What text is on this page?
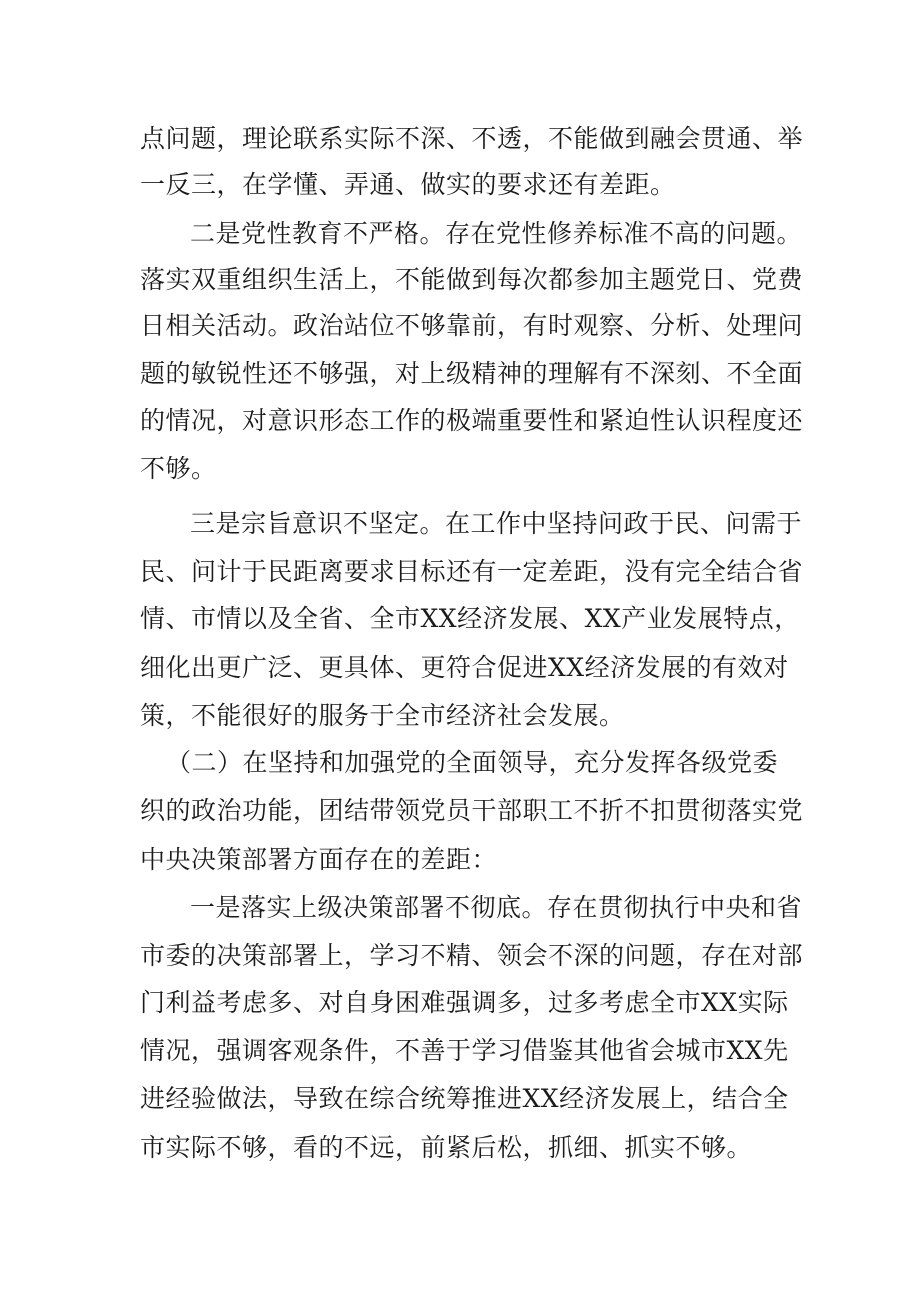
点问题，理论联系实际不深、不透，不能做到融会贯通、举
一反三，在学懂、弄通、做实的要求还有差距。
二是党性教育不严格。存在党性修养标准不高的问题。
落实双重组织生活上，不能做到每次都参加主题党日、党费
日相关活动。政治站位不够靠前，有时观察、分析、处理问
题的敏锐性还不够强，对上级精神的理解有不深刻、不全面
的情况，对意识形态工作的极端重要性和紧迫性认识程度还
不够。
三是宗旨意识不坚定。在工作中坚持问政于民、问需于
民、问计于民距离要求目标还有一定差距，没有完全结合省
情、市情以及全省、全市XX经济发展、XX产业发展特点，
细化出更广泛、更具体、更符合促进XX经济发展的有效对
策，不能很好的服务于全市经济社会发展。
（二）在坚持和加强党的全面领导，充分发挥各级党委
织的政治功能，团结带领党员干部职工不折不扣贯彻落实党
中央决策部署方面存在的差距：
一是落实上级决策部署不彻底。存在贯彻执行中央和省
市委的决策部署上，学习不精、领会不深的问题，存在对部
门利益考虑多、对自身困难强调多，过多考虑全市XX实际
情况，强调客观条件，不善于学习借鉴其他省会城市XX先
进经验做法，导致在综合统筹推进XX经济发展上，结合全
市实际不够，看的不远，前紧后松，抓细、抓实不够。
